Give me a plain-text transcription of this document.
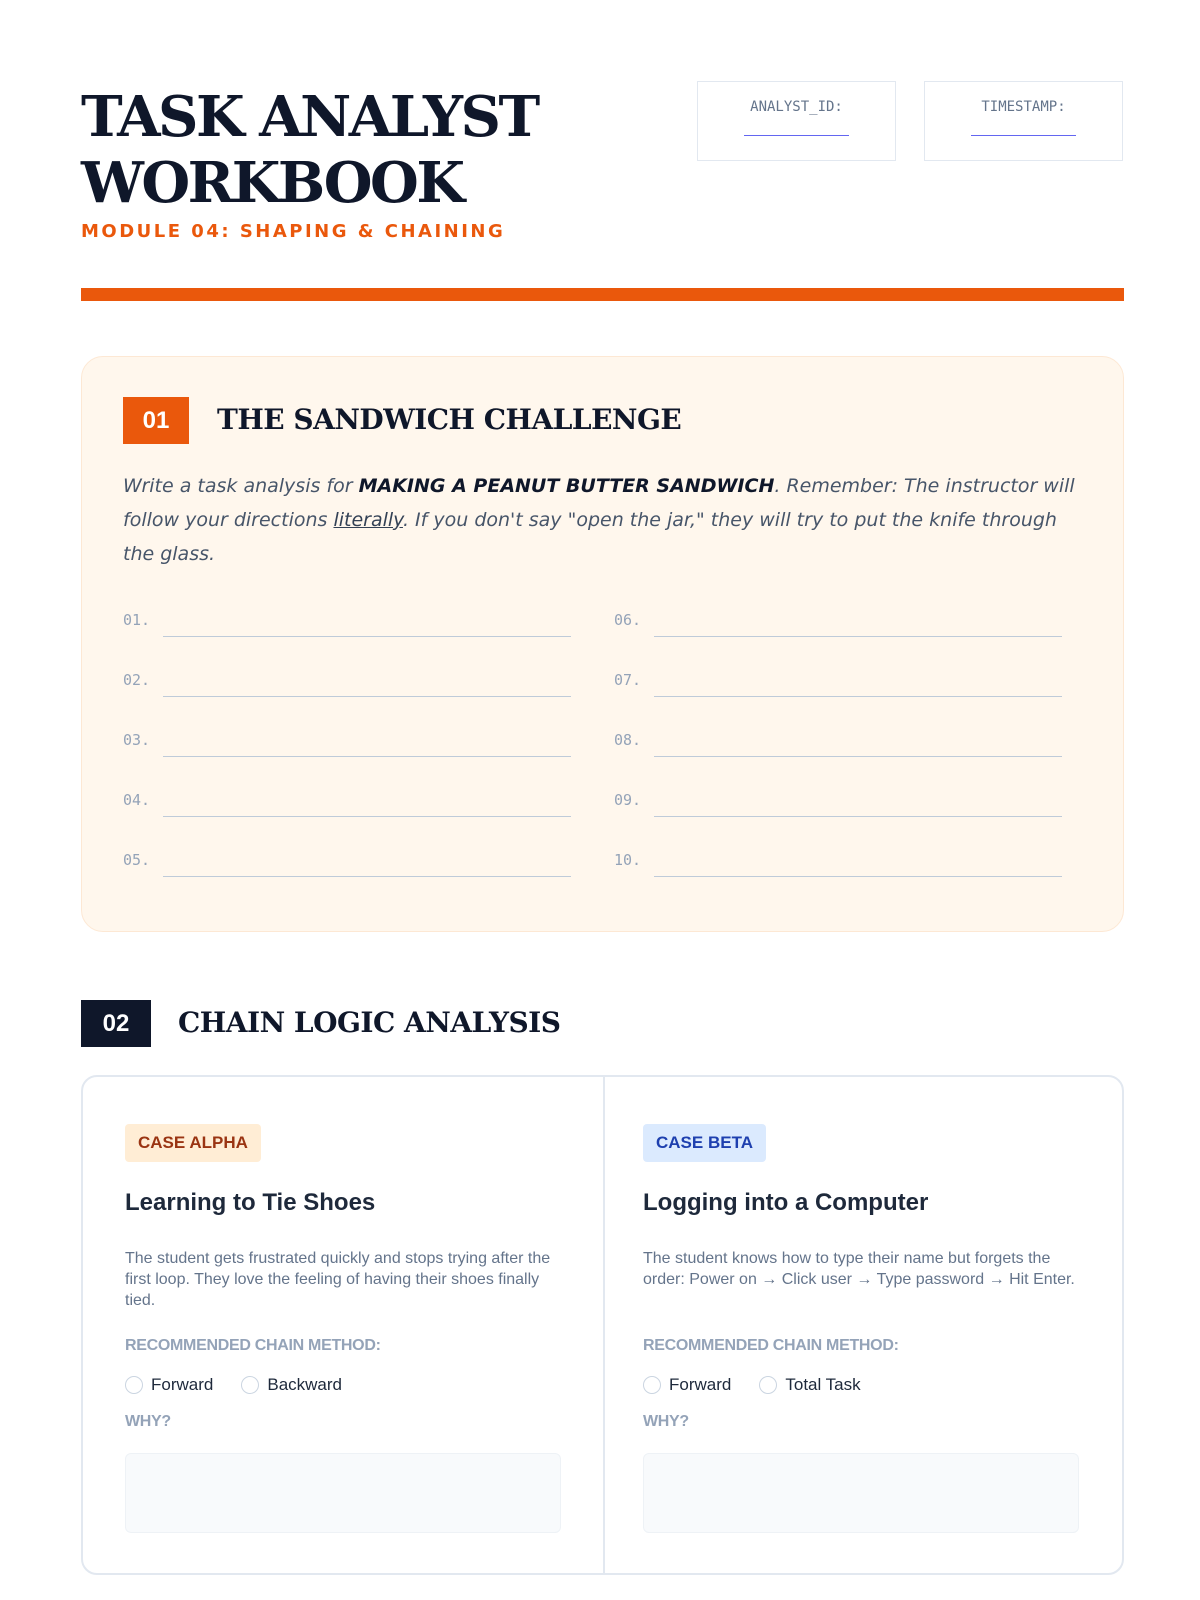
TASK ANALYST
WORKBOOK
MODULE 04: SHAPING & CHAINING
ANALYST_ID:	TIMESTAMP:
01	THE SANDWICH CHALLENGE

Write a task analysis for MAKING A PEANUT BUTTER SANDWICH. Remember: The instructor will follow your directions literally. If you don't say "open the jar," they will try to put the knife through the glass.

01.
02.
03.
04.
05.
06.
07.
08.
09.
10.
02	CHAIN LOGIC ANALYSIS
CASE ALPHA
Learning to Tie Shoes

The student gets frustrated quickly and stops trying after the first loop. They love the feeling of having their shoes finally tied.

RECOMMENDED CHAIN METHOD:
Forward	Backward
WHY?
CASE BETA
Logging into a Computer

The student knows how to type their name but forgets the order: Power on → Click user → Type password → Hit Enter.

RECOMMENDED CHAIN METHOD:
Forward	Total Task
WHY?
